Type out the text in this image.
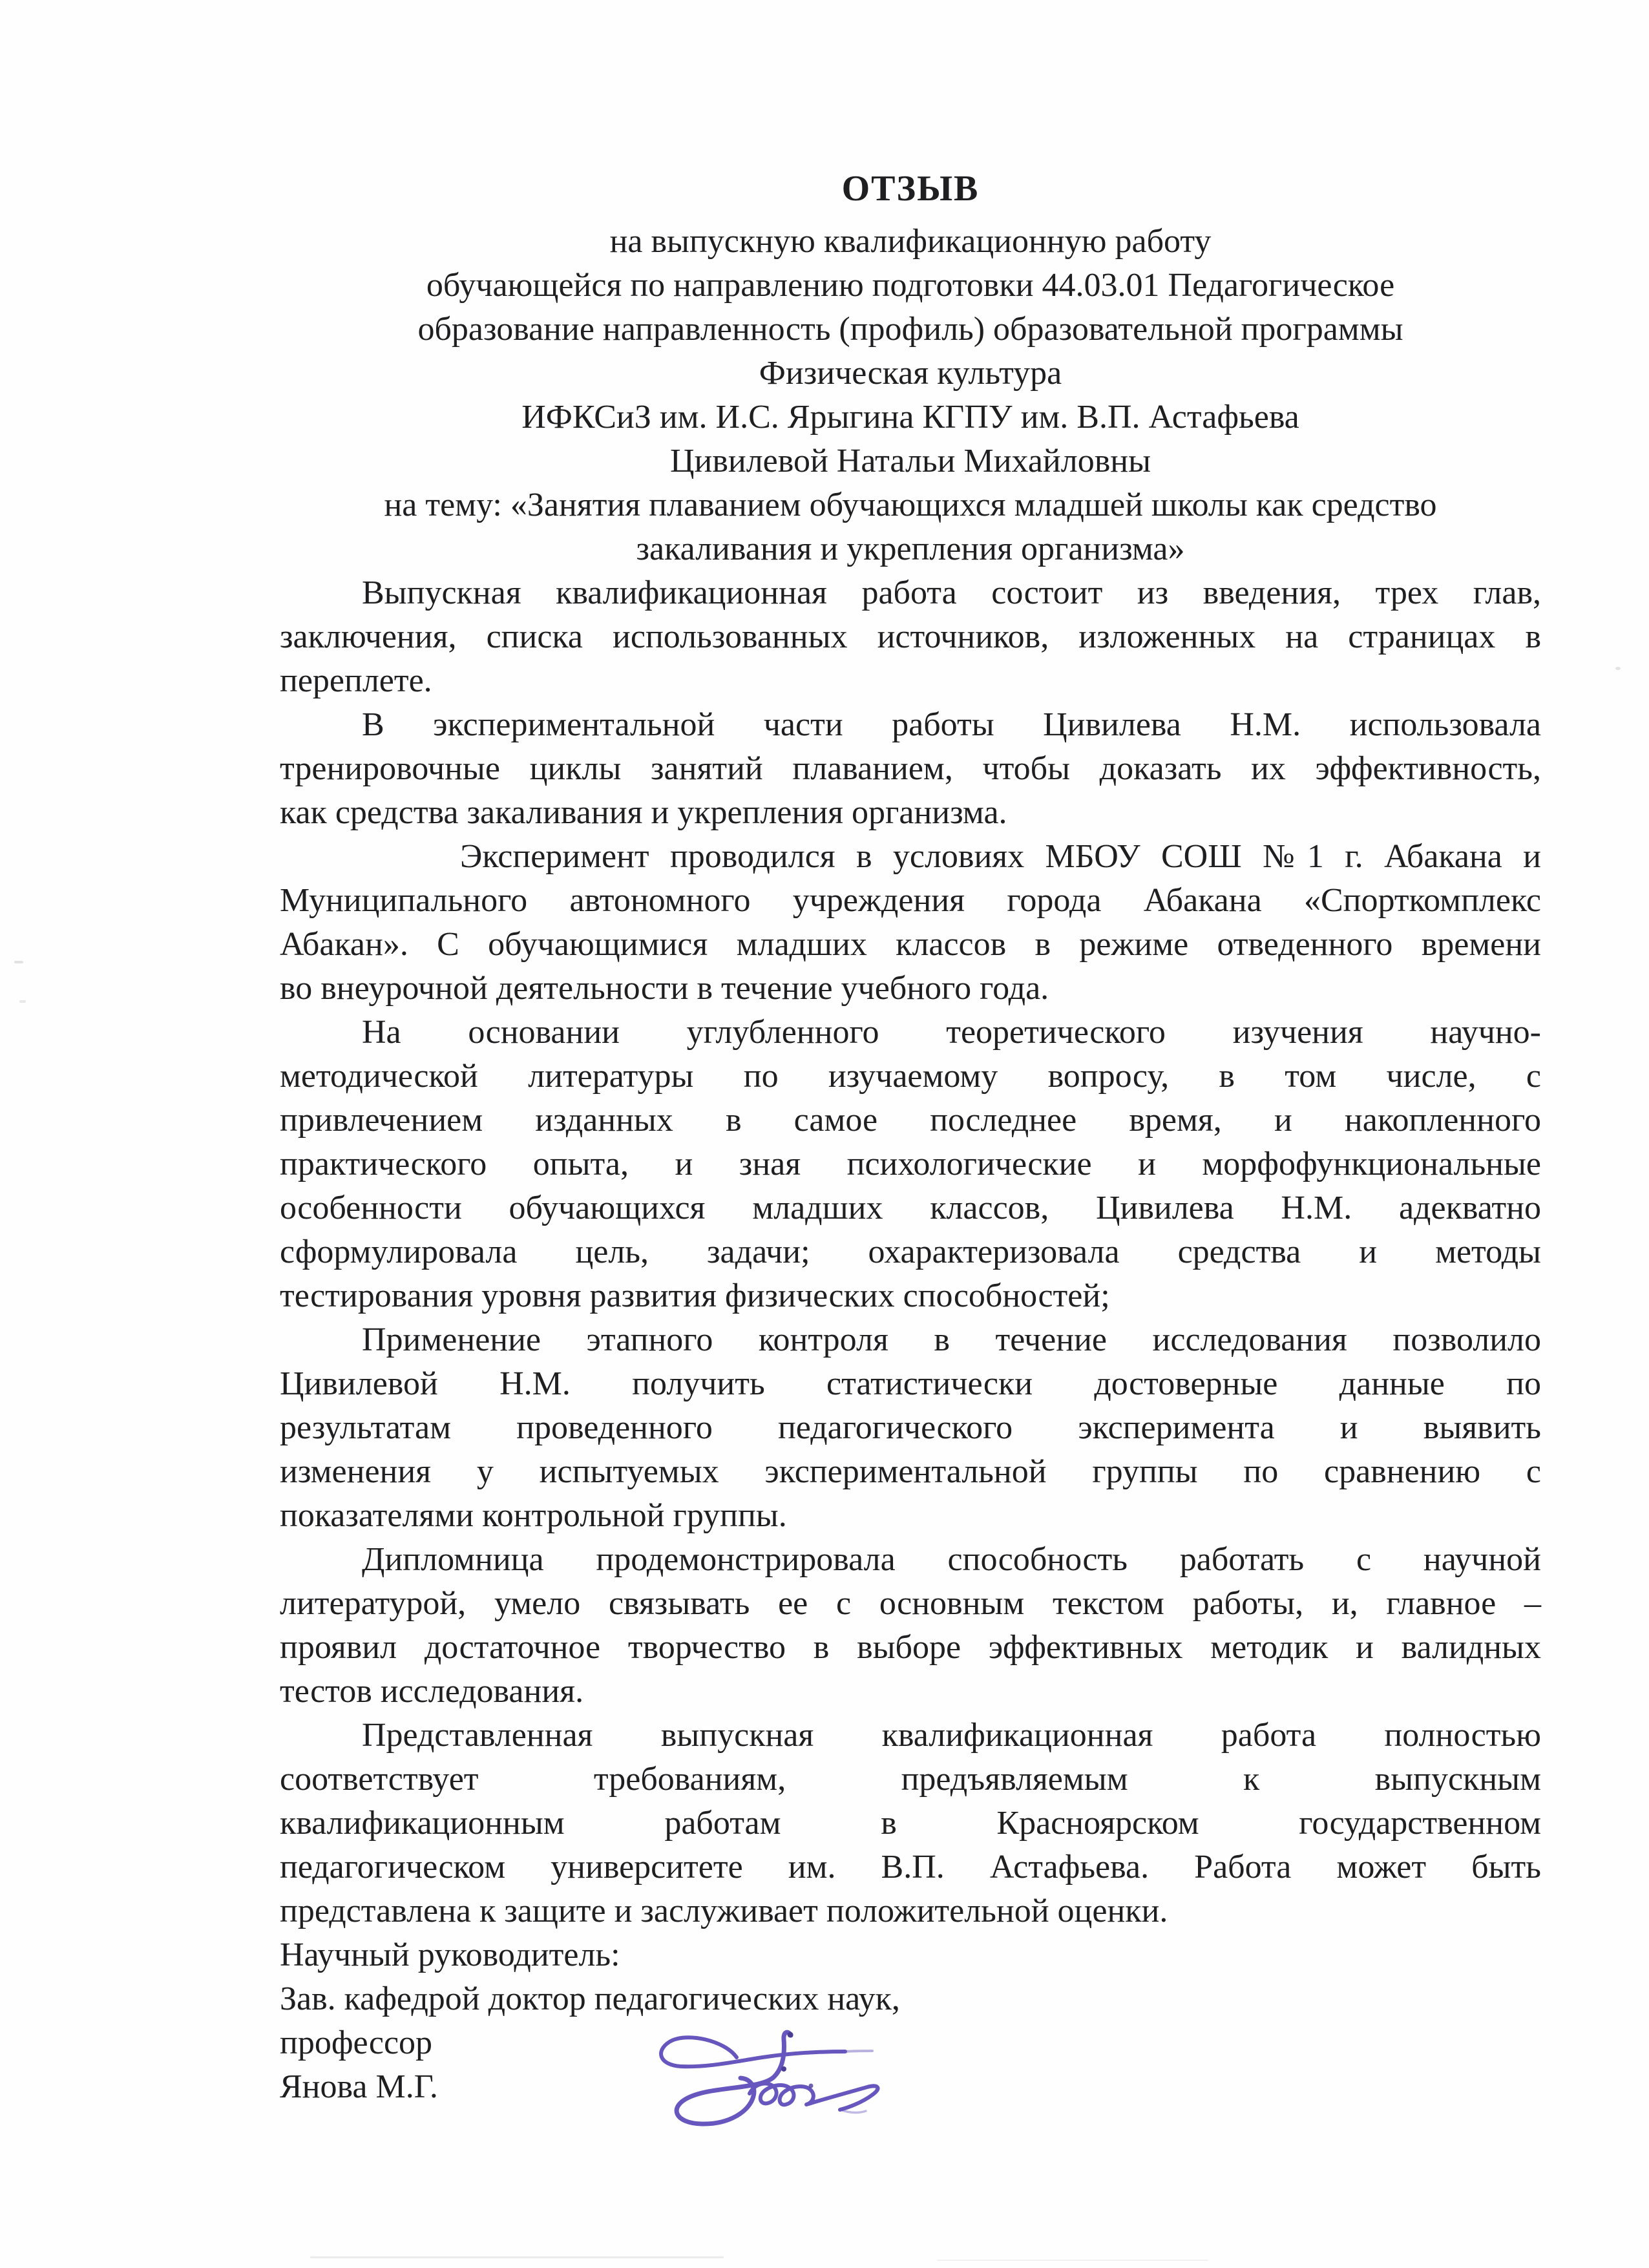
ОТЗЫВ
на выпускную квалификационную работу
обучающейся по направлению подготовки 44.03.01 Педагогическое
образование направленность (профиль) образовательной программы
Физическая культура
ИФКСиЗ им. И.С. Ярыгина КГПУ им. В.П. Астафьева
Цивилевой Натальи Михайловны
на тему: «Занятия плаванием обучающихся младшей школы как средство
закаливания и укрепления организма»
Выпускная квалификационная работа состоит из введения, трех глав,
заключения, списка использованных источников, изложенных на страницах в
переплете.
В экспериментальной части работы Цивилева Н.М. использовала
тренировочные циклы занятий плаванием, чтобы доказать их эффективность,
как средства закаливания и укрепления организма.
Эксперимент проводился в условиях МБОУ СОШ №1 г. Абакана и
Муниципального автономного учреждения города Абакана «Спорткомплекс
Абакан». С обучающимися младших классов в режиме отведенного времени
во внеурочной деятельности в течение учебного года.
На основании углубленного теоретического изучения научно-
методической литературы по изучаемому вопросу, в том числе, с
привлечением изданных в самое последнее время, и накопленного
практического опыта, и зная психологические и морфофункциональные
особенности обучающихся младших классов, Цивилева Н.М. адекватно
сформулировала цель, задачи; охарактеризовала средства и методы
тестирования уровня развития физических способностей;
Применение этапного контроля в течение исследования позволило
Цивилевой Н.М. получить статистически достоверные данные по
результатам проведенного педагогического эксперимента и выявить
изменения у испытуемых экспериментальной группы по сравнению с
показателями контрольной группы.
Дипломница продемонстрировала способность работать с научной
литературой, умело связывать ее с основным текстом работы, и, главное –
проявил достаточное творчество в выборе эффективных методик и валидных
тестов исследования.
Представленная выпускная квалификационная работа полностью
соответствует требованиям, предъявляемым к выпускным
квалификационным работам в Красноярском государственном
педагогическом университете им. В.П. Астафьева. Работа может быть
представлена к защите и заслуживает положительной оценки.
Научный руководитель:
Зав. кафедрой доктор педагогических наук,
профессор
Янова М.Г.
